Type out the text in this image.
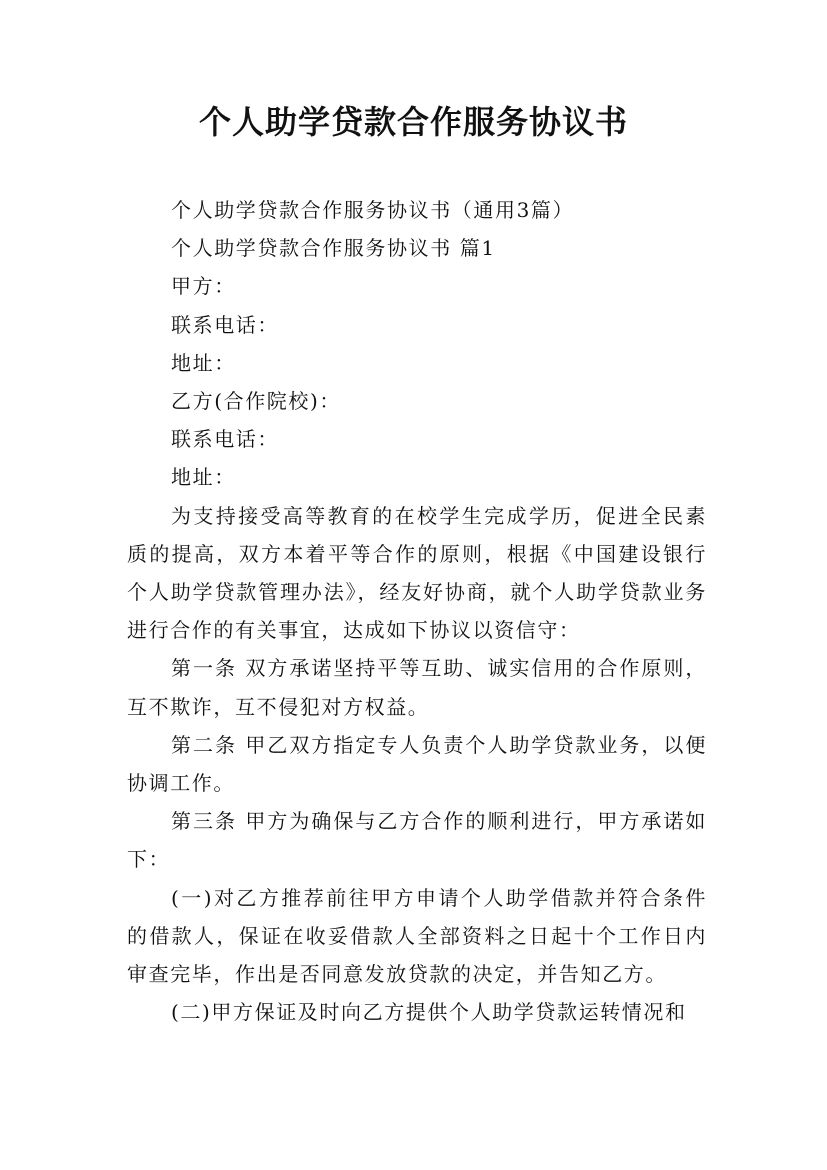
个人助学贷款合作服务协议书

个人助学贷款合作服务协议书（通用3篇）

个人助学贷款合作服务协议书 篇1

甲方：

联系电话：

地址：

乙方(合作院校)：

联系电话：

地址：

为支持接受高等教育的在校学生完成学历，促进全民素质的提高，双方本着平等合作的原则，根据《中国建设银行个人助学贷款管理办法》，经友好协商，就个人助学贷款业务进行合作的有关事宜，达成如下协议以资信守：

第一条 双方承诺坚持平等互助、诚实信用的合作原则，互不欺诈，互不侵犯对方权益。

第二条 甲乙双方指定专人负责个人助学贷款业务，以便协调工作。

第三条 甲方为确保与乙方合作的顺利进行，甲方承诺如下：

(一)对乙方推荐前往甲方申请个人助学借款并符合条件的借款人，保证在收妥借款人全部资料之日起十个工作日内审查完毕，作出是否同意发放贷款的决定，并告知乙方。

(二)甲方保证及时向乙方提供个人助学贷款运转情况和
